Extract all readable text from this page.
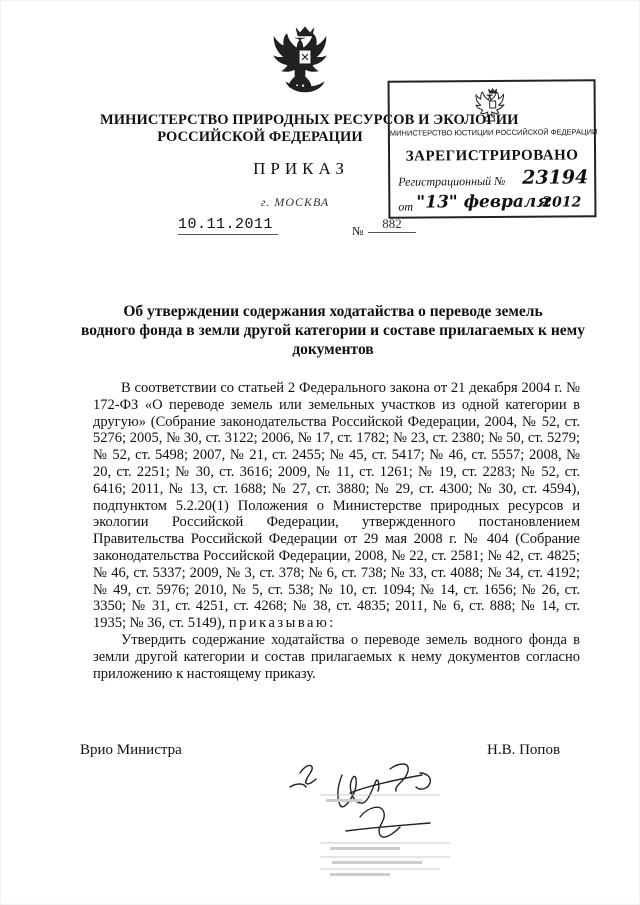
МИНИСТЕРСТВО ПРИРОДНЫХ РЕСУРСОВ И ЭКОЛОГИИ
РОССИЙСКОЙ ФЕДЕРАЦИИ
ПРИКАЗ
г. МОСКВА
10.11.2011	№	882
МИНИСТЕРСТВО ЮСТИЦИИ РОССИЙСКОЙ ФЕДЕРАЦИИ
ЗАРЕГИСТРИРОВАНО
Регистрационный № 23194
от "13" февраля
2012
Об утверждении содержания ходатайства о переводе земель
водного фонда в земли другой категории и составе прилагаемых к нему
документов

В соответствии со статьей 2 Федерального закона от 21 декабря 2004 г. № 172-ФЗ «О переводе земель или земельных участков из одной категории в другую» (Собрание законодательства Российской Федерации, 2004, № 52, ст. 5276; 2005, № 30, ст. 3122; 2006, № 17, ст. 1782; № 23, ст. 2380; № 50, ст. 5279; № 52, ст. 5498; 2007, № 21, ст. 2455; № 45, ст. 5417; № 46, ст. 5557; 2008, № 20, ст. 2251; № 30, ст. 3616; 2009, № 11, ст. 1261; № 19, ст. 2283; № 52, ст. 6416; 2011, № 13, ст. 1688; № 27, ст. 3880; № 29, ст. 4300; № 30, ст. 4594), подпунктом 5.2.20(1) Положения о Министерстве природных ресурсов и экологии Российской Федерации, утвержденного постановлением Правительства Российской Федерации от 29 мая 2008 г. № 404 (Собрание законодательства Российской Федерации, 2008, № 22, ст. 2581; № 42, ст. 4825; № 46, ст. 5337; 2009, № 3, ст. 378; № 6, ст. 738; № 33, ст. 4088; № 34, ст. 4192; № 49, ст. 5976; 2010, № 5, ст. 538; № 10, ст. 1094; № 14, ст. 1656; № 26, ст. 3350; № 31, ст. 4251, ст. 4268; № 38, ст. 4835; 2011, № 6, ст. 888; № 14, ст. 1935; № 36, ст. 5149), приказываю:

Утвердить содержание ходатайства о переводе земель водного фонда в земли другой категории и состав прилагаемых к нему документов согласно приложению к настоящему приказу.

Врио Министра	Н.В. Попов
